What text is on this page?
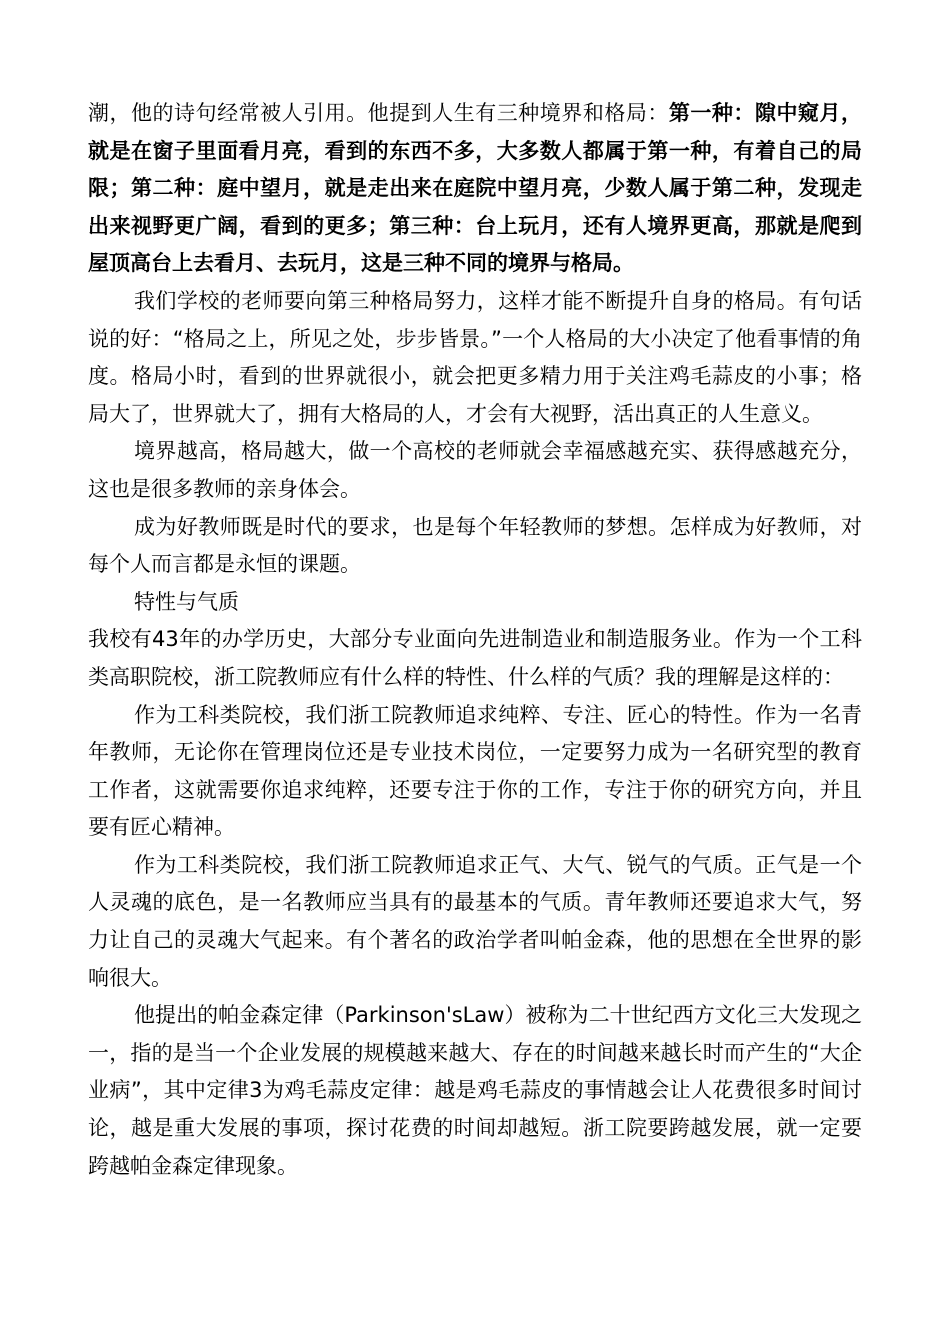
潮，他的诗句经常被人引用。他提到人生有三种境界和格局：第一种：隙中窥月，就是在窗子里面看月亮，看到的东西不多，大多数人都属于第一种，有着自己的局限；第二种：庭中望月，就是走出来在庭院中望月亮，少数人属于第二种，发现走出来视野更广阔，看到的更多；第三种：台上玩月，还有人境界更高，那就是爬到屋顶高台上去看月、去玩月，这是三种不同的境界与格局。

我们学校的老师要向第三种格局努力，这样才能不断提升自身的格局。有句话说的好：“格局之上，所见之处，步步皆景。”一个人格局的大小决定了他看事情的角度。格局小时，看到的世界就很小，就会把更多精力用于关注鸡毛蒜皮的小事；格局大了，世界就大了，拥有大格局的人，才会有大视野，活出真正的人生意义。

境界越高，格局越大，做一个高校的老师就会幸福感越充实、获得感越充分，这也是很多教师的亲身体会。

成为好教师既是时代的要求，也是每个年轻教师的梦想。怎样成为好教师，对每个人而言都是永恒的课题。

特性与气质

我校有43年的办学历史，大部分专业面向先进制造业和制造服务业。作为一个工科类高职院校，浙工院教师应有什么样的特性、什么样的气质？我的理解是这样的：

作为工科类院校，我们浙工院教师追求纯粹、专注、匠心的特性。作为一名青年教师，无论你在管理岗位还是专业技术岗位，一定要努力成为一名研究型的教育工作者，这就需要你追求纯粹，还要专注于你的工作，专注于你的研究方向，并且要有匠心精神。

作为工科类院校，我们浙工院教师追求正气、大气、锐气的气质。正气是一个人灵魂的底色，是一名教师应当具有的最基本的气质。青年教师还要追求大气，努力让自己的灵魂大气起来。有个著名的政治学者叫帕金森，他的思想在全世界的影响很大。

他提出的帕金森定律（Parkinson'sLaw）被称为二十世纪西方文化三大发现之一，指的是当一个企业发展的规模越来越大、存在的时间越来越长时而产生的“大企业病”，其中定律3为鸡毛蒜皮定律：越是鸡毛蒜皮的事情越会让人花费很多时间讨论，越是重大发展的事项，探讨花费的时间却越短。浙工院要跨越发展，就一定要跨越帕金森定律现象。
